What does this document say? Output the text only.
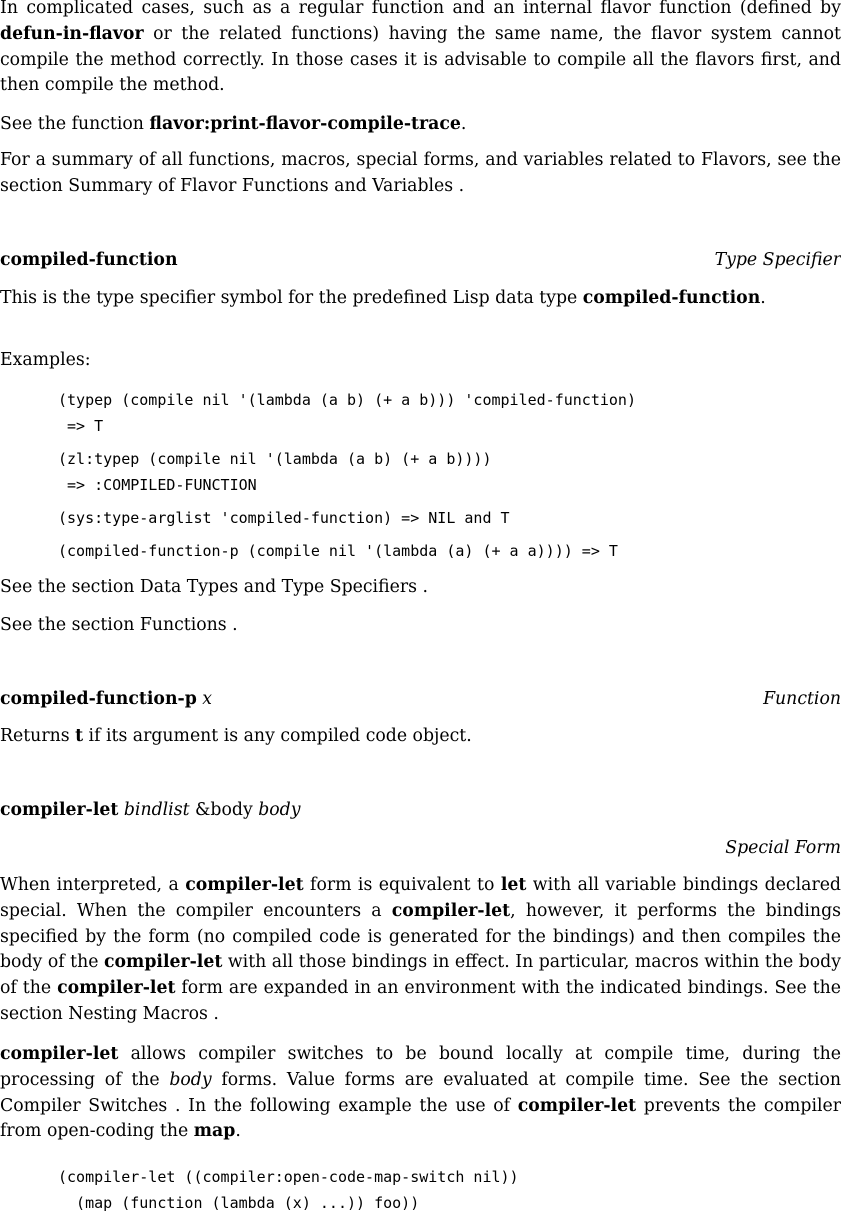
In complicated cases, such as a regular function and an internal flavor function (defined by defun-in-flavor or the related functions) having the same name, the flavor system cannot compile the method correctly. In those cases it is advisable to compile all the flavors first, and then compile the method.

See the function flavor:print-flavor-compile-trace.

For a summary of all functions, macros, special forms, and variables related to Flavors, see the section Summary of Flavor Functions and Variables .

compiled-function	Type Specifier

This is the type specifier symbol for the predefined Lisp data type compiled-function.

Examples:

(typep (compile nil '(lambda (a b) (+ a b))) 'compiled-function)
=> T
(zl:typep (compile nil '(lambda (a b) (+ a b))))
=> :COMPILED-FUNCTION
(sys:type-arglist 'compiled-function) => NIL and T
(compiled-function-p (compile nil '(lambda (a) (+ a a)))) => T

See the section Data Types and Type Specifiers .

See the section Functions .

compiled-function-p x	Function

Returns t if its argument is any compiled code object.

compiler-let bindlist &body body
Special Form

When interpreted, a compiler-let form is equivalent to let with all variable bindings declared special. When the compiler encounters a compiler-let, however, it performs the bindings specified by the form (no compiled code is generated for the bindings) and then compiles the body of the compiler-let with all those bindings in effect. In particular, macros within the body of the compiler-let form are expanded in an environment with the indicated bindings. See the section Nesting Macros .

compiler-let allows compiler switches to be bound locally at compile time, during the processing of the body forms. Value forms are evaluated at compile time. See the section Compiler Switches . In the following example the use of compiler-let prevents the compiler from open-coding the map.

(compiler-let ((compiler:open-code-map-switch nil))
(map (function (lambda (x) ...)) foo))
